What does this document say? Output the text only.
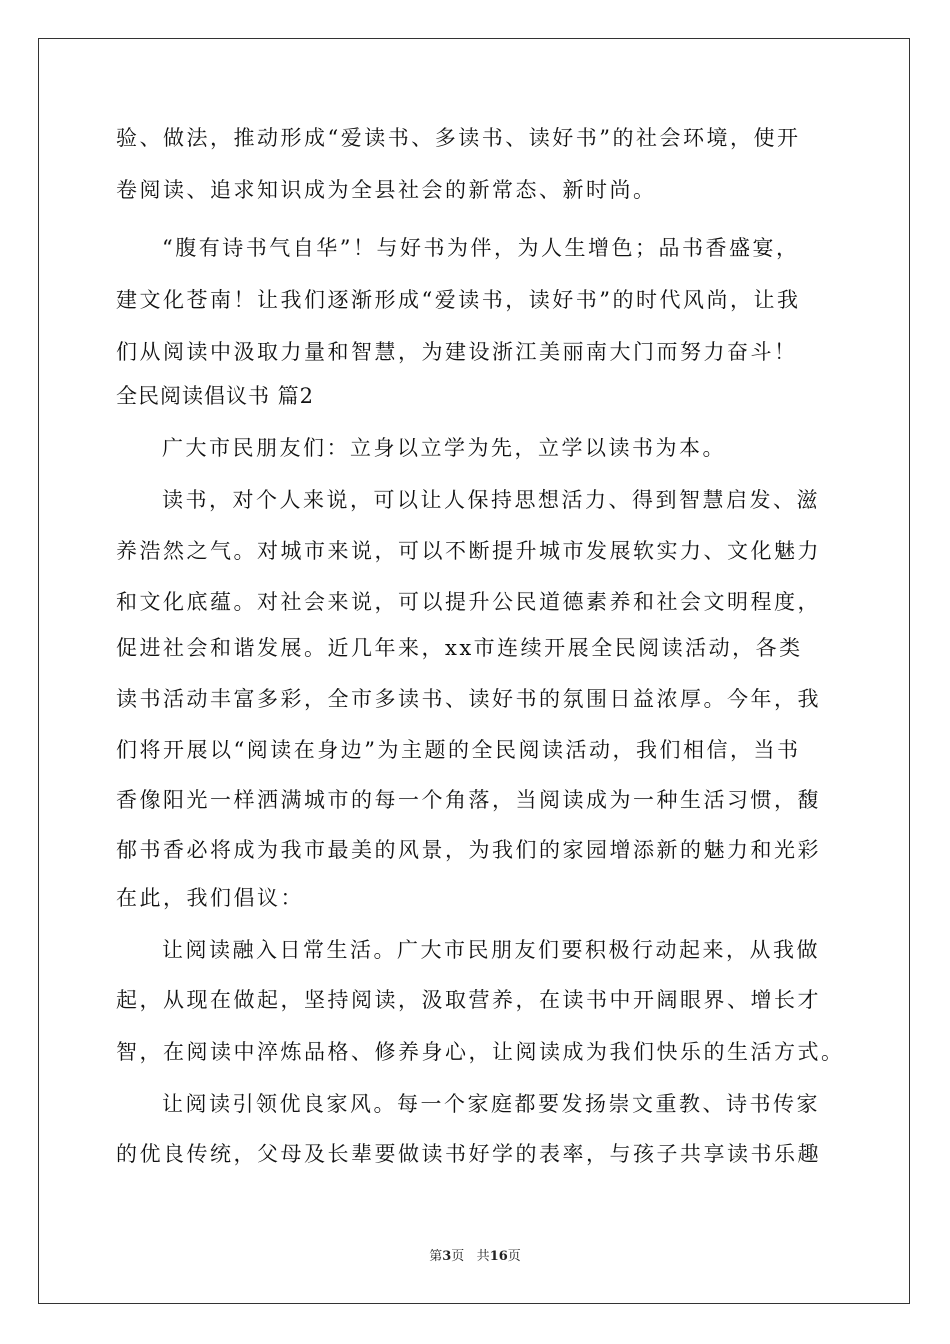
验、做法，推动形成“爱读书、多读书、读好书”的社会环境，使开
卷阅读、追求知识成为全县社会的新常态、新时尚。
“腹有诗书气自华”！与好书为伴，为人生增色；品书香盛宴，
建文化苍南！让我们逐渐形成“爱读书，读好书”的时代风尚，让我
们从阅读中汲取力量和智慧，为建设浙江美丽南大门而努力奋斗！
全民阅读倡议书 篇2
广大市民朋友们：立身以立学为先，立学以读书为本。
读书，对个人来说，可以让人保持思想活力、得到智慧启发、滋
养浩然之气。对城市来说，可以不断提升城市发展软实力、文化魅力
和文化底蕴。对社会来说，可以提升公民道德素养和社会文明程度，
促进社会和谐发展。近几年来，xx市连续开展全民阅读活动，各类
读书活动丰富多彩，全市多读书、读好书的氛围日益浓厚。今年，我
们将开展以“阅读在身边”为主题的全民阅读活动，我们相信，当书
香像阳光一样洒满城市的每一个角落，当阅读成为一种生活习惯，馥
郁书香必将成为我市最美的风景，为我们的家园增添新的魅力和光彩
在此，我们倡议：
让阅读融入日常生活。广大市民朋友们要积极行动起来，从我做
起，从现在做起，坚持阅读，汲取营养，在读书中开阔眼界、增长才
智，在阅读中淬炼品格、修养身心，让阅读成为我们快乐的生活方式。
让阅读引领优良家风。每一个家庭都要发扬崇文重教、诗书传家
的优良传统，父母及长辈要做读书好学的表率，与孩子共享读书乐趣
第3页 共16页
